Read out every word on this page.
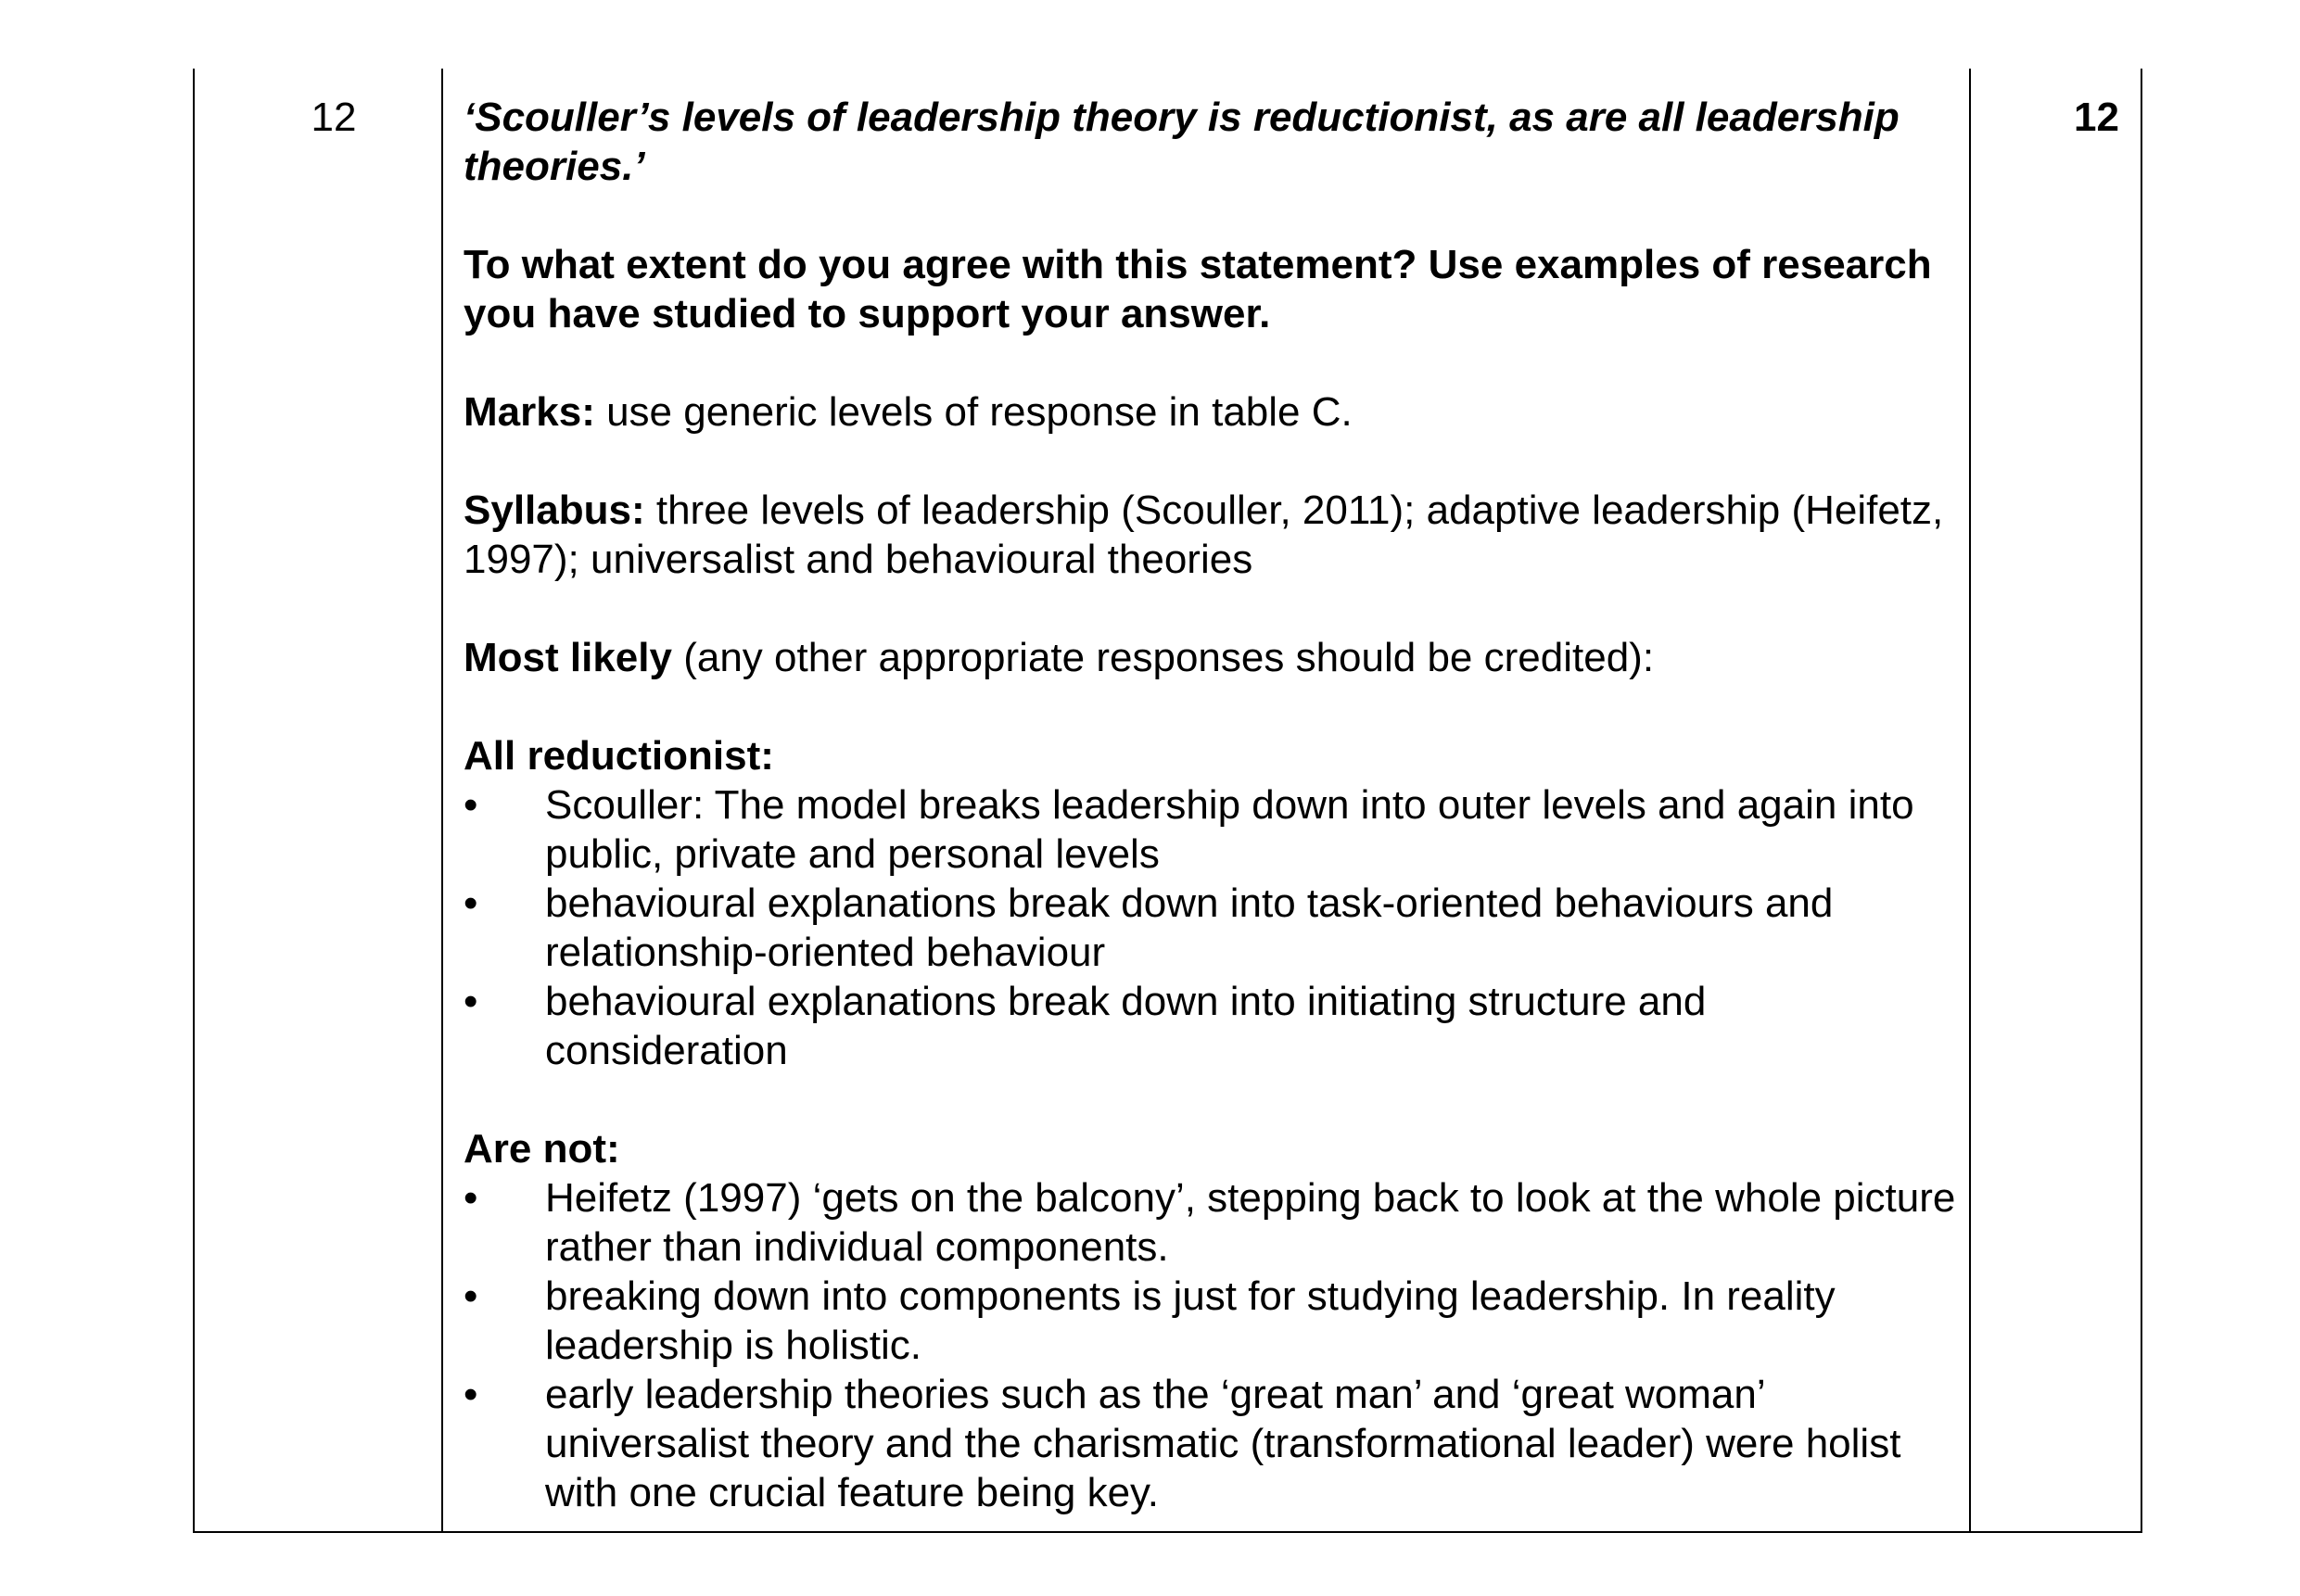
12	‘Scouller’s levels of leadership theory is reductionist, as are all leadership theories.’

To what extent do you agree with this statement? Use examples of research you have studied to support your answer.

Marks: use generic levels of response in table C.

Syllabus: three levels of leadership (Scouller, 2011); adaptive leadership (Heifetz, 1997); universalist and behavioural theories

Most likely (any other appropriate responses should be credited):

All reductionist:

•	Scouller: The model breaks leadership down into outer levels and again into public, private and personal levels
•	behavioural explanations break down into task-oriented behaviours and relationship-oriented behaviour
•	behavioural explanations break down into initiating structure and consideration

Are not:

•	Heifetz (1997) ‘gets on the balcony’, stepping back to look at the whole picture rather than individual components.
•	breaking down into components is just for studying leadership. In reality leadership is holistic.
•	early leadership theories such as the ‘great man’ and ‘great woman’ universalist theory and the charismatic (transformational leader) were holist with one crucial feature being key.
12
